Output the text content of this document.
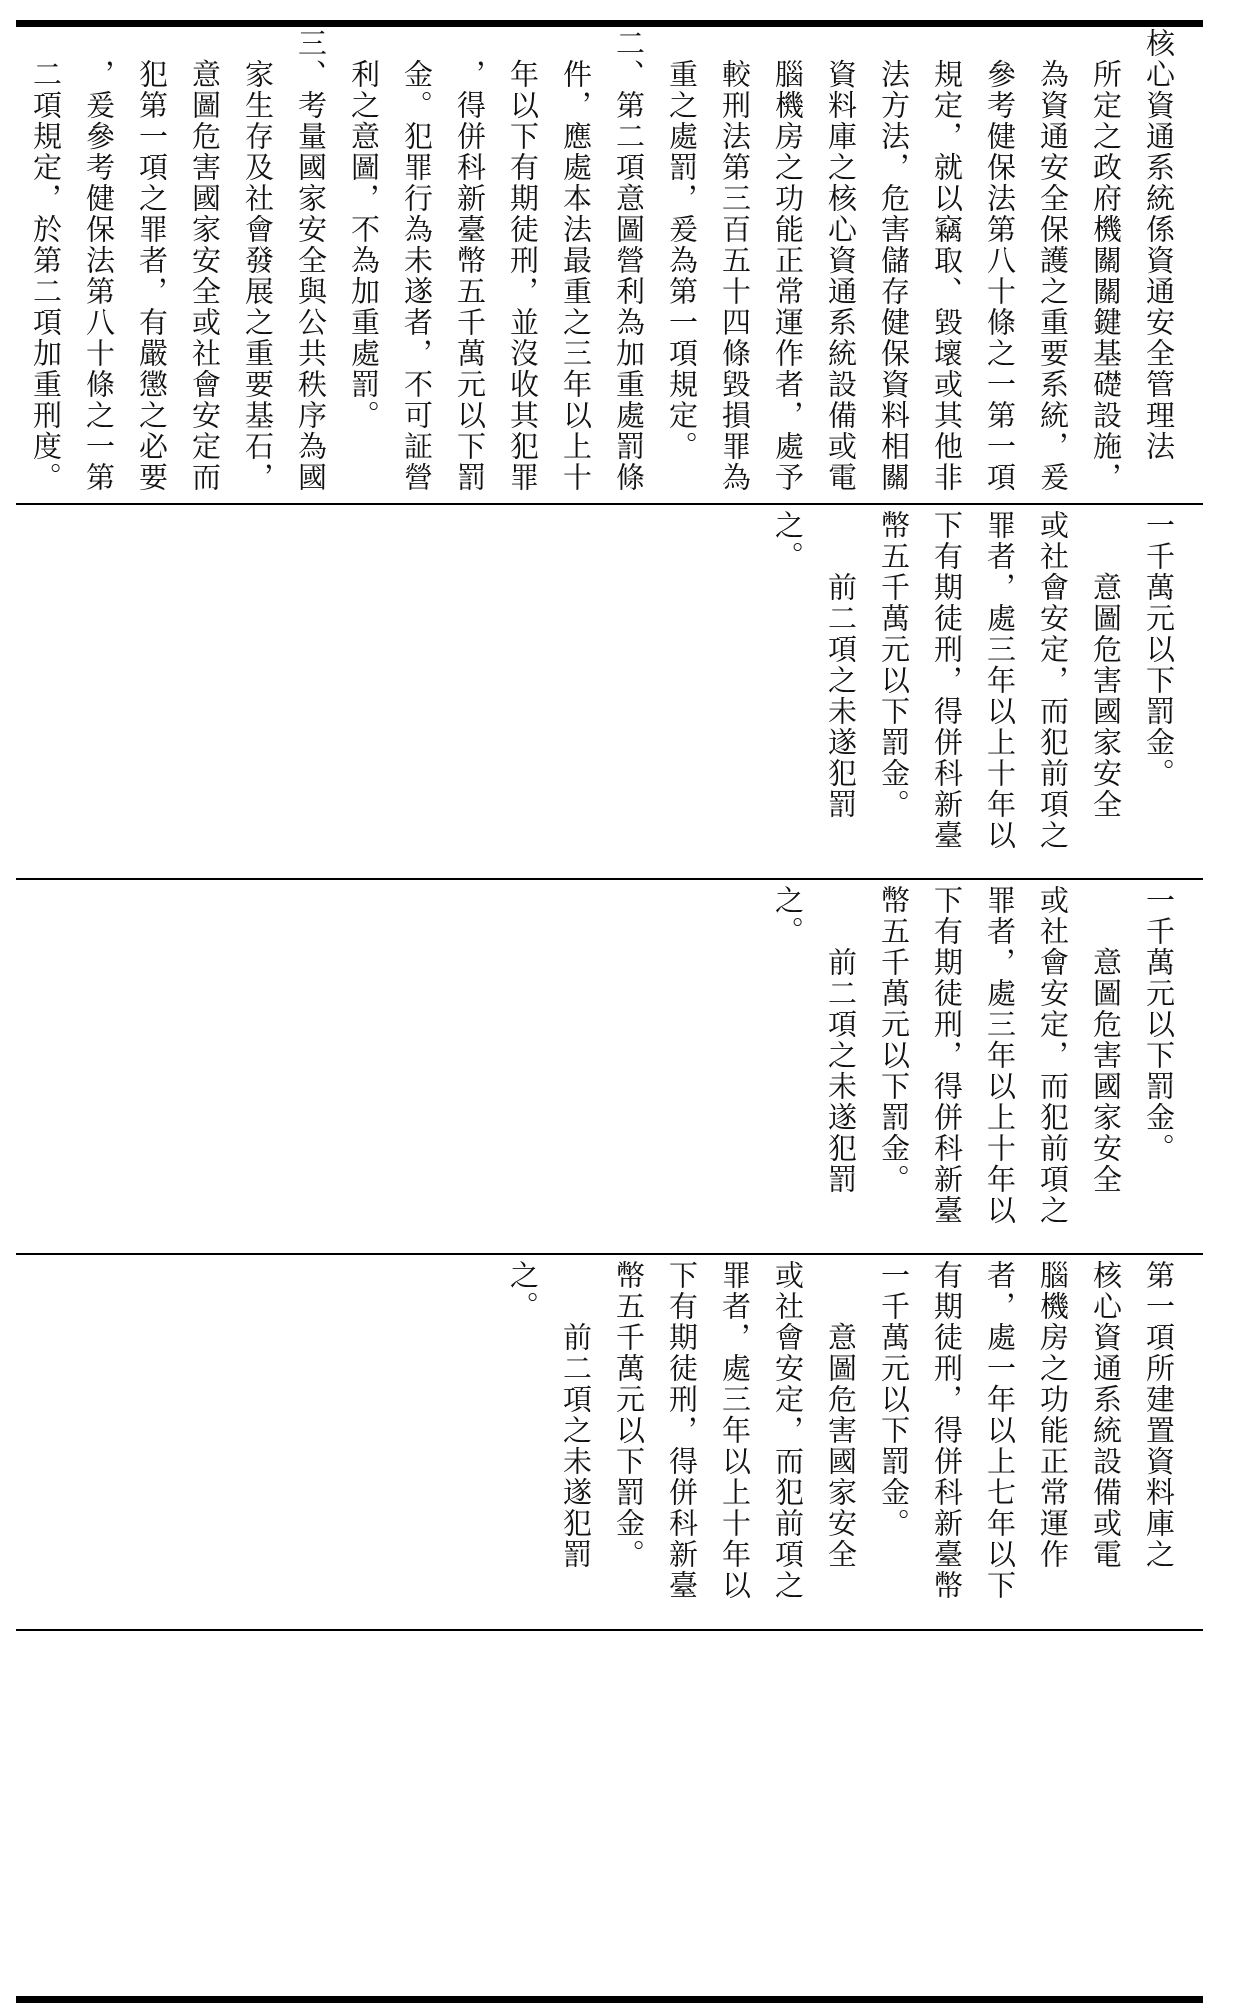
核心資通系統係資通安全管理法
　所定之政府機關關鍵基礎設施，
　為資通安全保護之重要系統，爰
　參考健保法第八十條之一第一項
　規定，就以竊取、毀壞或其他非
　法方法，危害儲存健保資料相關
　資料庫之核心資通系統設備或電
　腦機房之功能正常運作者，處予
　較刑法第三百五十四條毀損罪為
　重之處罰，爰為第一項規定。
二、第二項意圖營利為加重處罰條
　件，應處本法最重之三年以上十
　年以下有期徒刑，並沒收其犯罪
　，得併科新臺幣五千萬元以下罰
　金。犯罪行為未遂者，不可証營
　利之意圖，不為加重處罰。
三、考量國家安全與公共秩序為國
　家生存及社會發展之重要基石，
　意圖危害國家安全或社會安定而
　犯第一項之罪者，有嚴懲之必要
　，爰參考健保法第八十條之一第
　二項規定，於第二項加重刑度。
一千萬元以下罰金。
　　意圖危害國家安全
或社會安定，而犯前項之
罪者，處三年以上十年以
下有期徒刑，得併科新臺
幣五千萬元以下罰金。
　　前二項之未遂犯罰
之。
一千萬元以下罰金。
　　意圖危害國家安全
或社會安定，而犯前項之
罪者，處三年以上十年以
下有期徒刑，得併科新臺
幣五千萬元以下罰金。
　　前二項之未遂犯罰
之。
第一項所建置資料庫之
核心資通系統設備或電
腦機房之功能正常運作
者，處一年以上七年以下
有期徒刑，得併科新臺幣
一千萬元以下罰金。
　　意圖危害國家安全
或社會安定，而犯前項之
罪者，處三年以上十年以
下有期徒刑，得併科新臺
幣五千萬元以下罰金。
　　前二項之未遂犯罰
之。
